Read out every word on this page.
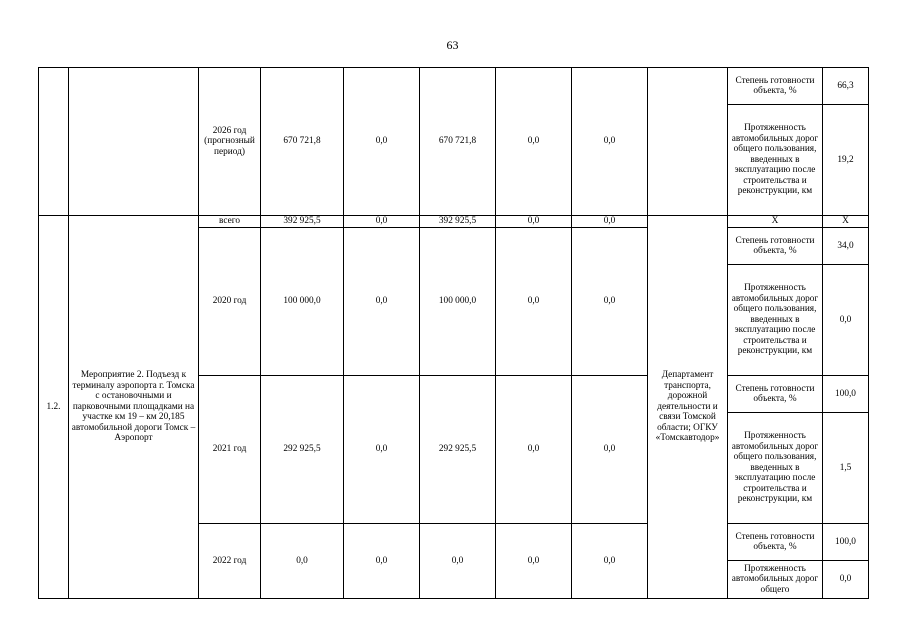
63
		2026 год (прогнозный период)	670 721,8	0,0	670 721,8	0,0	0,0		Степень готовности объекта, %	66,3
									Протяженность автомобильных дорог общего пользования, введенных в эксплуатацию после строительства и реконструкции, км	19,2
1.2.	Мероприятие 2. Подъезд к терминалу аэропорта г. Томска с остановочными и парковочными площадками на участке км 19 – км 20,185 автомобильной дороги Томск – Аэропорт	всего	392 925,5	0,0	392 925,5	0,0	0,0	Департамент транспорта, дорожной деятельности и связи Томской области; ОГКУ «Томскавтодор»	X	X
		2020 год	100 000,0	0,0	100 000,0	0,0	0,0		Степень готовности объекта, %	34,0
									Протяженность автомобильных дорог общего пользования, введенных в эксплуатацию после строительства и реконструкции, км	0,0
		2021 год	292 925,5	0,0	292 925,5	0,0	0,0		Степень готовности объекта, %	100,0
									Протяженность автомобильных дорог общего пользования, введенных в эксплуатацию после строительства и реконструкции, км	1,5
		2022 год	0,0	0,0	0,0	0,0	0,0		Степень готовности объекта, %	100,0
									Протяженность автомобильных дорог общего	0,0
